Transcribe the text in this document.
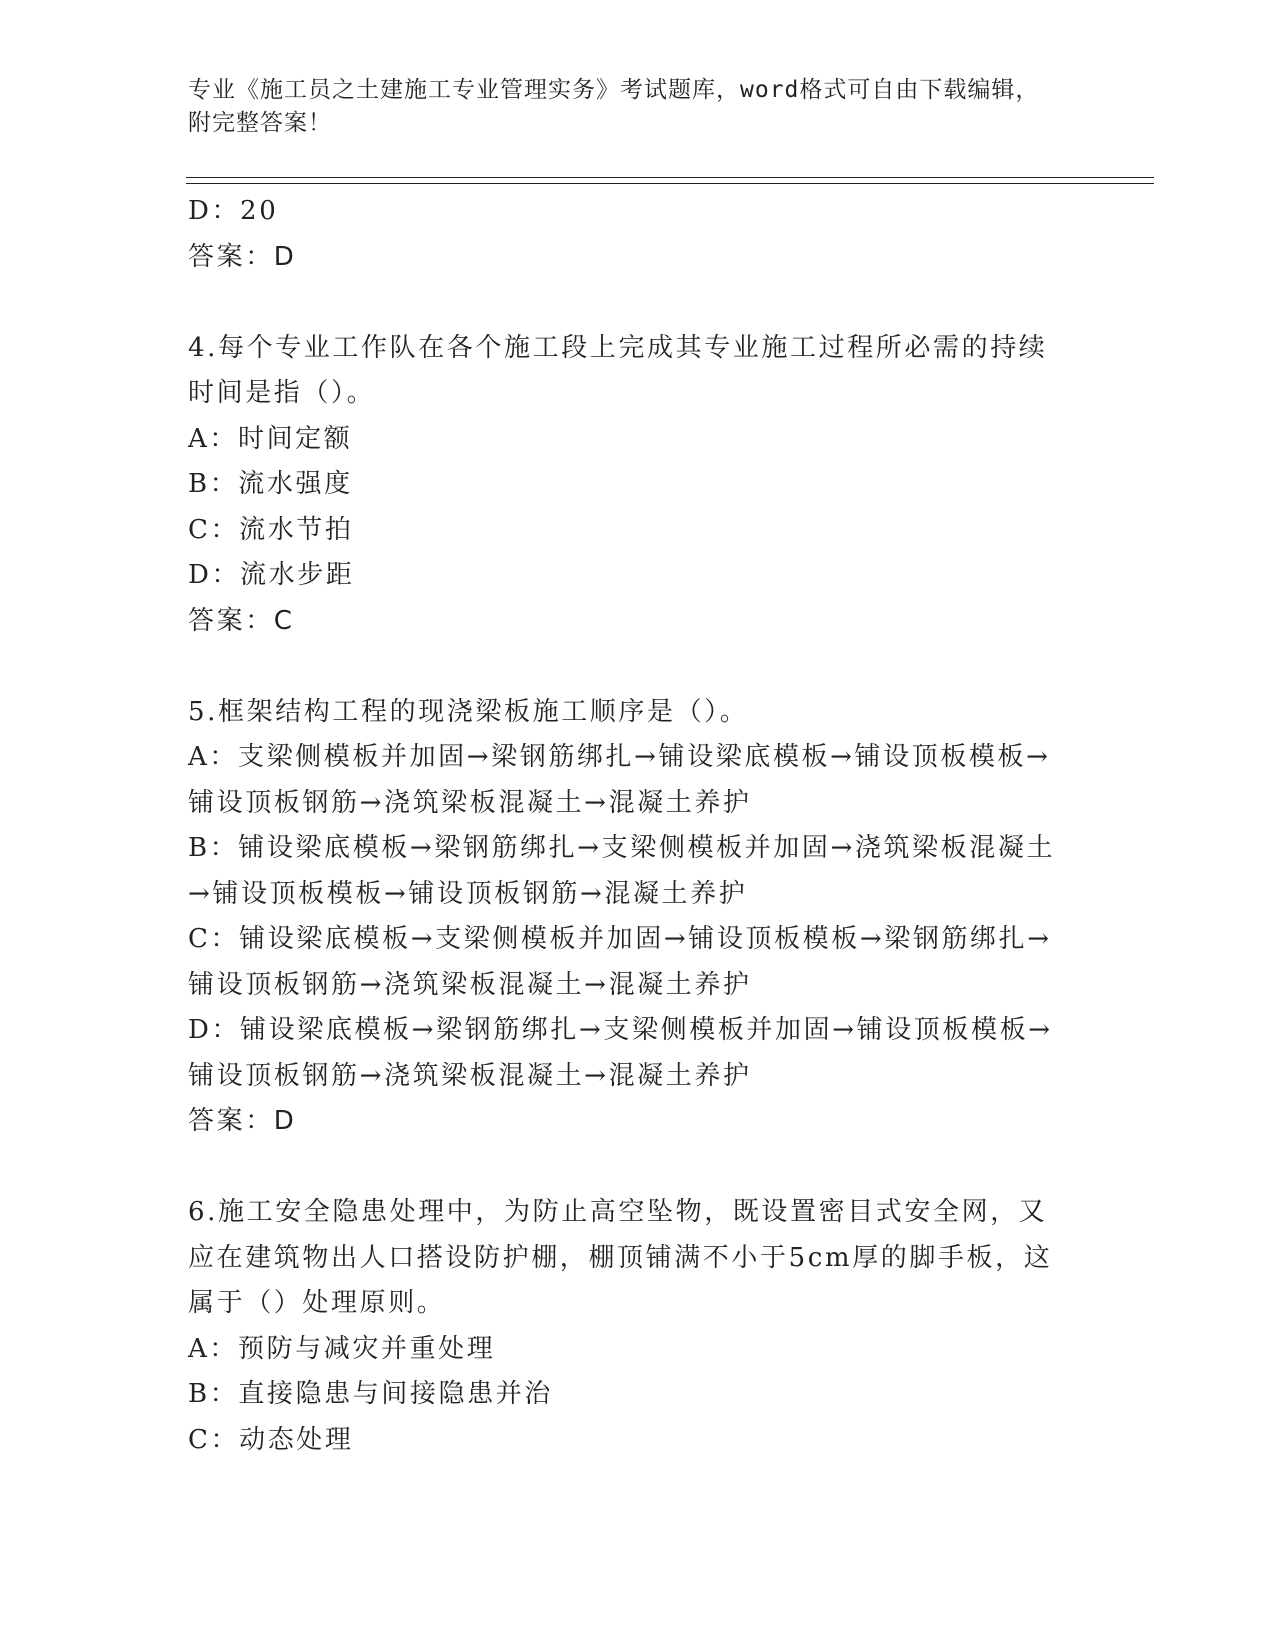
专业《施工员之土建施工专业管理实务》考试题库，word格式可自由下载编辑，
附完整答案！
D：20
答案：D
4.每个专业工作队在各个施工段上完成其专业施工过程所必需的持续
时间是指（）。
A：时间定额
B：流水强度
C：流水节拍
D：流水步距
答案：C
5.框架结构工程的现浇梁板施工顺序是（）。
A：支梁侧模板并加固→梁钢筋绑扎→铺设梁底模板→铺设顶板模板→
铺设顶板钢筋→浇筑梁板混凝土→混凝土养护
B：铺设梁底模板→梁钢筋绑扎→支梁侧模板并加固→浇筑梁板混凝土
→铺设顶板模板→铺设顶板钢筋→混凝土养护
C：铺设梁底模板→支梁侧模板并加固→铺设顶板模板→梁钢筋绑扎→
铺设顶板钢筋→浇筑梁板混凝土→混凝土养护
D：铺设梁底模板→梁钢筋绑扎→支梁侧模板并加固→铺设顶板模板→
铺设顶板钢筋→浇筑梁板混凝土→混凝土养护
答案：D
6.施工安全隐患处理中，为防止高空坠物，既设置密目式安全网，又
应在建筑物出人口搭设防护棚，棚顶铺满不小于5cm厚的脚手板，这
属于（）处理原则。
A：预防与减灾并重处理
B：直接隐患与间接隐患并治
C：动态处理
